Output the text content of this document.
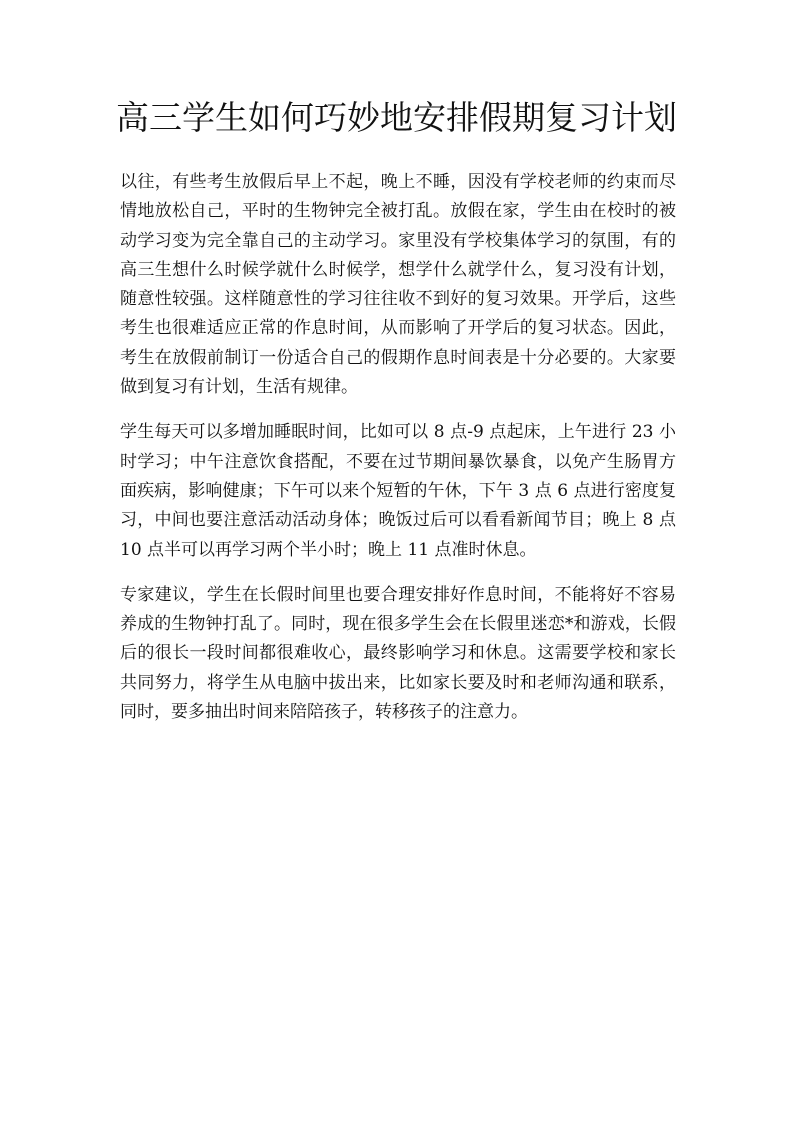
高三学生如何巧妙地安排假期复习计划

以往，有些考生放假后早上不起，晚上不睡，因没有学校老师的约束而尽情地放松自己，平时的生物钟完全被打乱。放假在家，学生由在校时的被动学习变为完全靠自己的主动学习。家里没有学校集体学习的氛围，有的高三生想什么时候学就什么时候学，想学什么就学什么，复习没有计划，随意性较强。这样随意性的学习往往收不到好的复习效果。开学后，这些考生也很难适应正常的作息时间，从而影响了开学后的复习状态。因此，考生在放假前制订一份适合自己的假期作息时间表是十分必要的。大家要做到复习有计划，生活有规律。

学生每天可以多增加睡眠时间，比如可以 8 点-9 点起床，上午进行 23 小时学习；中午注意饮食搭配，不要在过节期间暴饮暴食，以免产生肠胃方面疾病，影响健康；下午可以来个短暂的午休，下午 3 点 6 点进行密度复习，中间也要注意活动活动身体；晚饭过后可以看看新闻节目；晚上 8 点 10 点半可以再学习两个半小时；晚上 11 点准时休息。

专家建议，学生在长假时间里也要合理安排好作息时间，不能将好不容易养成的生物钟打乱了。同时，现在很多学生会在长假里迷恋*和游戏，长假后的很长一段时间都很难收心，最终影响学习和休息。这需要学校和家长共同努力，将学生从电脑中拔出来，比如家长要及时和老师沟通和联系，同时，要多抽出时间来陪陪孩子，转移孩子的注意力。
